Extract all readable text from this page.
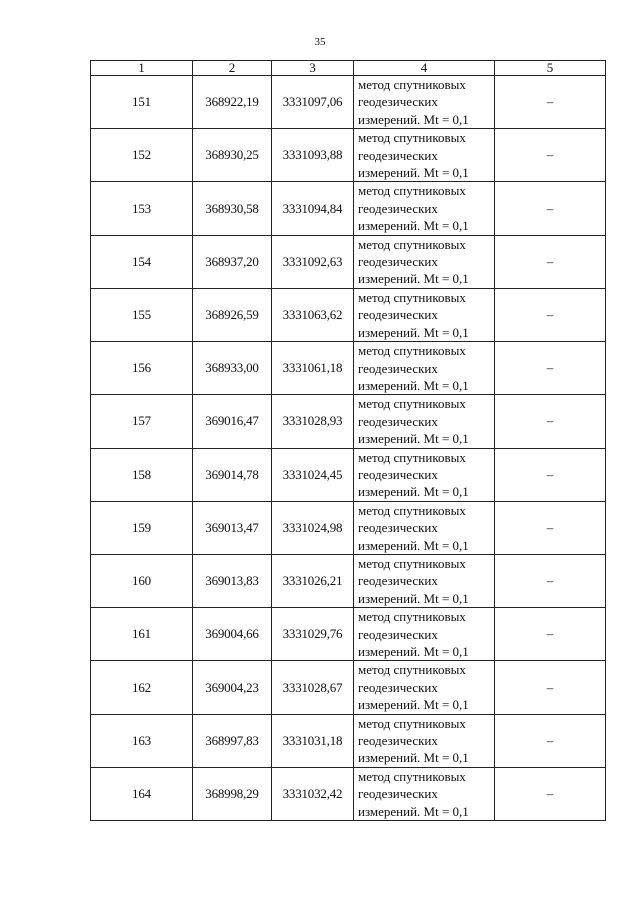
35
1	2	3	4	5
151	368922,19	3331097,06	метод спутниковых
геодезических
измерений. Mt = 0,1	–
152	368930,25	3331093,88	метод спутниковых
геодезических
измерений. Mt = 0,1	–
153	368930,58	3331094,84	метод спутниковых
геодезических
измерений. Mt = 0,1	–
154	368937,20	3331092,63	метод спутниковых
геодезических
измерений. Mt = 0,1	–
155	368926,59	3331063,62	метод спутниковых
геодезических
измерений. Mt = 0,1	–
156	368933,00	3331061,18	метод спутниковых
геодезических
измерений. Mt = 0,1	–
157	369016,47	3331028,93	метод спутниковых
геодезических
измерений. Mt = 0,1	–
158	369014,78	3331024,45	метод спутниковых
геодезических
измерений. Mt = 0,1	–
159	369013,47	3331024,98	метод спутниковых
геодезических
измерений. Mt = 0,1	–
160	369013,83	3331026,21	метод спутниковых
геодезических
измерений. Mt = 0,1	–
161	369004,66	3331029,76	метод спутниковых
геодезических
измерений. Mt = 0,1	–
162	369004,23	3331028,67	метод спутниковых
геодезических
измерений. Mt = 0,1	–
163	368997,83	3331031,18	метод спутниковых
геодезических
измерений. Mt = 0,1	–
164	368998,29	3331032,42	метод спутниковых
геодезических
измерений. Mt = 0,1	–
